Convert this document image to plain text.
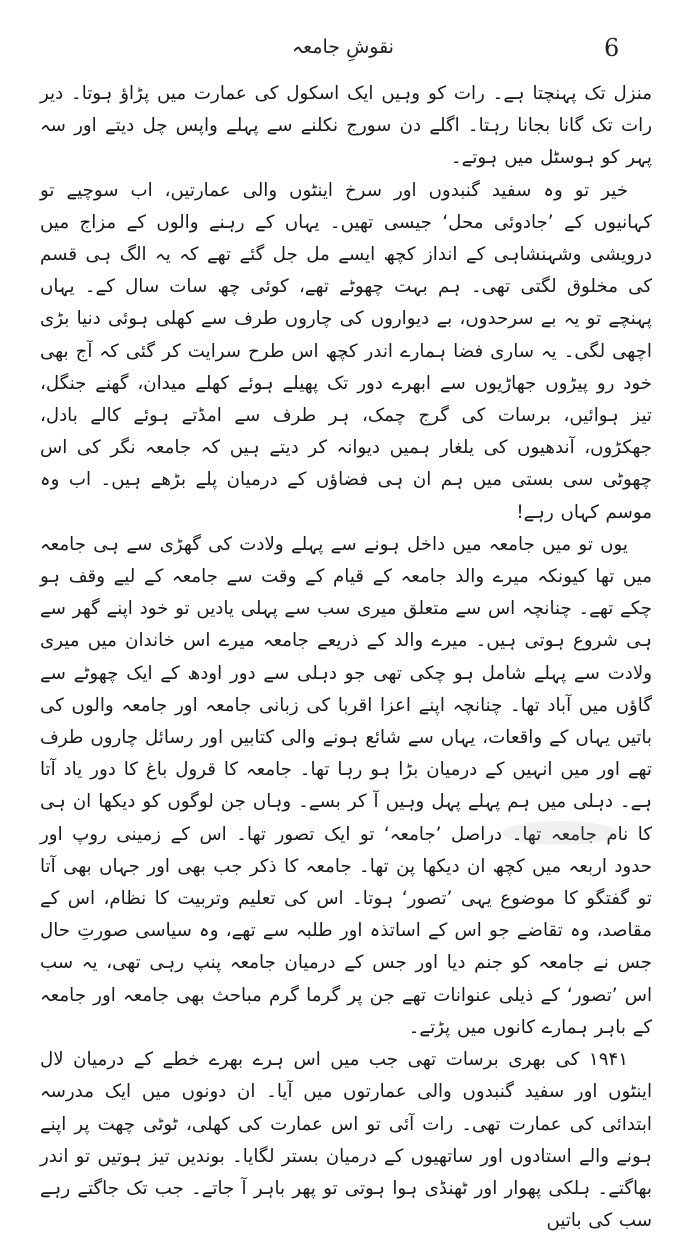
نقوشِ جامعہ	6

منزل تک پہنچتا ہے۔ رات کو وہیں ایک اسکول کی عمارت میں پڑاؤ ہوتا۔ دیر رات تک گانا بجانا رہتا۔ اگلے دن سورج نکلنے سے پہلے واپس چل دیتے اور سہ پہر کو ہوسٹل میں ہوتے۔

خیر تو وہ سفید گنبدوں اور سرخ اینٹوں والی عمارتیں، اب سوچیے تو کہانیوں کے ’جادوئی محل‘ جیسی تھیں۔ یہاں کے رہنے والوں کے مزاج میں درویشی وشہنشاہی کے انداز کچھ ایسے مل جل گئے تھے کہ یہ الگ ہی قسم کی مخلوق لگتی تھی۔ ہم بہت چھوٹے تھے، کوئی چھ سات سال کے۔ یہاں پہنچے تو یہ بے سرحدوں، بے دیواروں کی چاروں طرف سے کھلی ہوئی دنیا بڑی اچھی لگی۔ یہ ساری فضا ہمارے اندر کچھ اس طرح سرایت کر گئی کہ آج بھی خود رو پیڑوں جھاڑیوں سے ابھرے دور تک پھیلے ہوئے کھلے میدان، گھنے جنگل، تیز ہوائیں، برسات کی گرج چمک، ہر طرف سے امڈتے ہوئے کالے بادل، جھکڑوں، آندھیوں کی یلغار ہمیں دیوانہ کر دیتے ہیں کہ جامعہ نگر کی اس چھوٹی سی بستی میں ہم ان ہی فضاؤں کے درمیان پلے بڑھے ہیں۔ اب وہ موسم کہاں رہے!

یوں تو میں جامعہ میں داخل ہونے سے پہلے ولادت کی گھڑی سے ہی جامعہ میں تھا کیونکہ میرے والد جامعہ کے قیام کے وقت سے جامعہ کے لیے وقف ہو چکے تھے۔ چنانچہ اس سے متعلق میری سب سے پہلی یادیں تو خود اپنے گھر سے ہی شروع ہوتی ہیں۔ میرے والد کے ذریعے جامعہ میرے اس خاندان میں میری ولادت سے پہلے شامل ہو چکی تھی جو دہلی سے دور اودھ کے ایک چھوٹے سے گاؤں میں آباد تھا۔ چنانچہ اپنے اعزا اقربا کی زبانی جامعہ اور جامعہ والوں کی باتیں یہاں کے واقعات، یہاں سے شائع ہونے والی کتابیں اور رسائل چاروں طرف تھے اور میں انہیں کے درمیان بڑا ہو رہا تھا۔ جامعہ کا قرول باغ کا دور یاد آتا ہے۔ دہلی میں ہم پہلے پہل وہیں آ کر بسے۔ وہاں جن لوگوں کو دیکھا ان ہی کا نام جامعہ تھا۔ دراصل ’جامعہ‘ تو ایک تصور تھا۔ اس کے زمینی روپ اور حدود اربعہ میں کچھ ان دیکھا پن تھا۔ جامعہ کا ذکر جب بھی اور جہاں بھی آتا تو گفتگو کا موضوع یہی ’تصور‘ ہوتا۔ اس کی تعلیم وتربیت کا نظام، اس کے مقاصد، وہ تقاضے جو اس کے اساتذہ اور طلبہ سے تھے، وہ سیاسی صورتِ حال جس نے جامعہ کو جنم دیا اور جس کے درمیان جامعہ پنپ رہی تھی، یہ سب اس ’تصور‘ کے ذیلی عنوانات تھے جن پر گرما گرم مباحث بھی جامعہ اور جامعہ کے باہر ہمارے کانوں میں پڑتے۔

۱۹۴۱ کی بھری برسات تھی جب میں اس ہرے بھرے خطے کے درمیان لال اینٹوں اور سفید گنبدوں والی عمارتوں میں آیا۔ ان دونوں میں ایک مدرسہ ابتدائی کی عمارت تھی۔ رات آئی تو اس عمارت کی کھلی، ٹوٹی چھت پر اپنے ہونے والے استادوں اور ساتھیوں کے درمیان بستر لگایا۔ بوندیں تیز ہوتیں تو اندر بھاگتے۔ ہلکی پھوار اور ٹھنڈی ہوا ہوتی تو پھر باہر آ جاتے۔ جب تک جاگتے رہے سب کی باتیں
